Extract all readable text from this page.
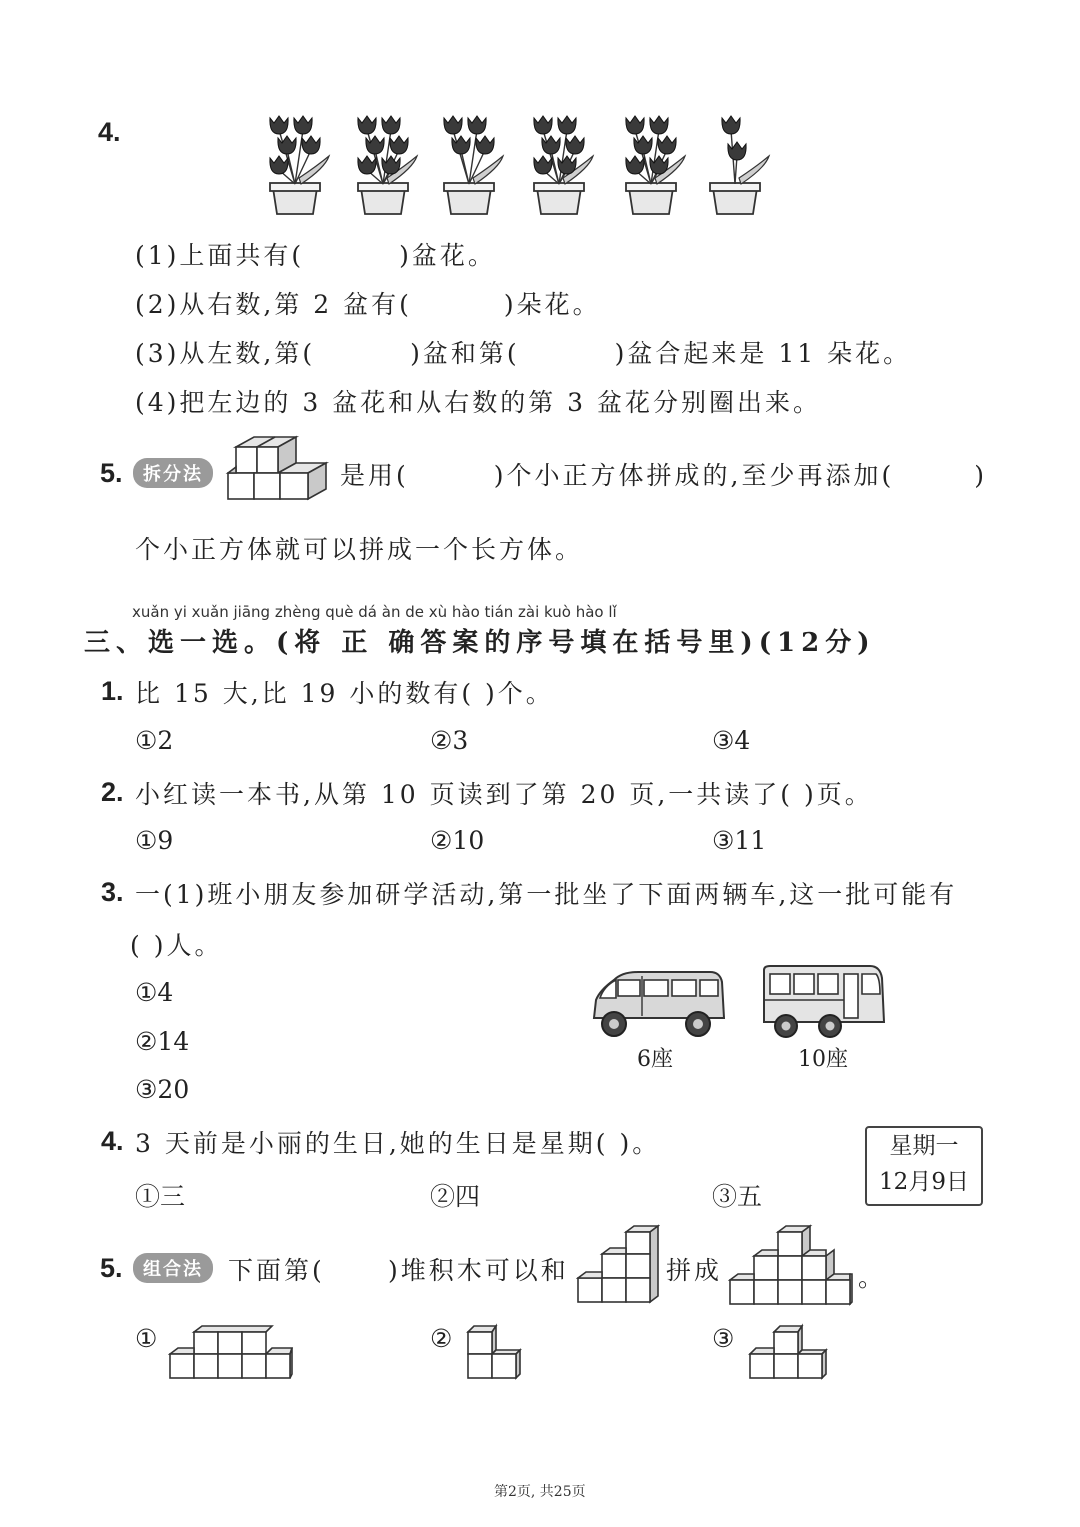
4.
(1)上面共有(	)盆花。
(2)从右数,第 2 盆有(	)朵花。
(3)从左数,第(	)盆和第(	)盆合起来是 11 朵花。
(4)把左边的 3 盆花和从右数的第 3 盆花分别圈出来。
5.	拆分法	是用(	)个小正方体拼成的,至少再添加(	)
个小正方体就可以拼成一个长方体。
xuǎn yi xuǎn jiāng zhèng què dá àn de xù hào tián zài kuò hào lǐ
三、选一选。(将 正 确答案的序号填在括号里)(12分)
1. 比 15 大,比 19 小的数有( )个。
①2	②3	③4
2. 小红读一本书,从第 10 页读到了第 20 页,一共读了( )页。
①9	②10	③11
3. 一(1)班小朋友参加研学活动,第一批坐了下面两辆车,这一批可能有
( )人。
①4
②14
③20
6座	10座
4. 3 天前是小丽的生日,她的生日是星期( )。
①三	②四	③五
星期一
12月9日
5.	组合法	下面第(	)堆积木可以和	拼成	。
①	②	③
第2页, 共25页
